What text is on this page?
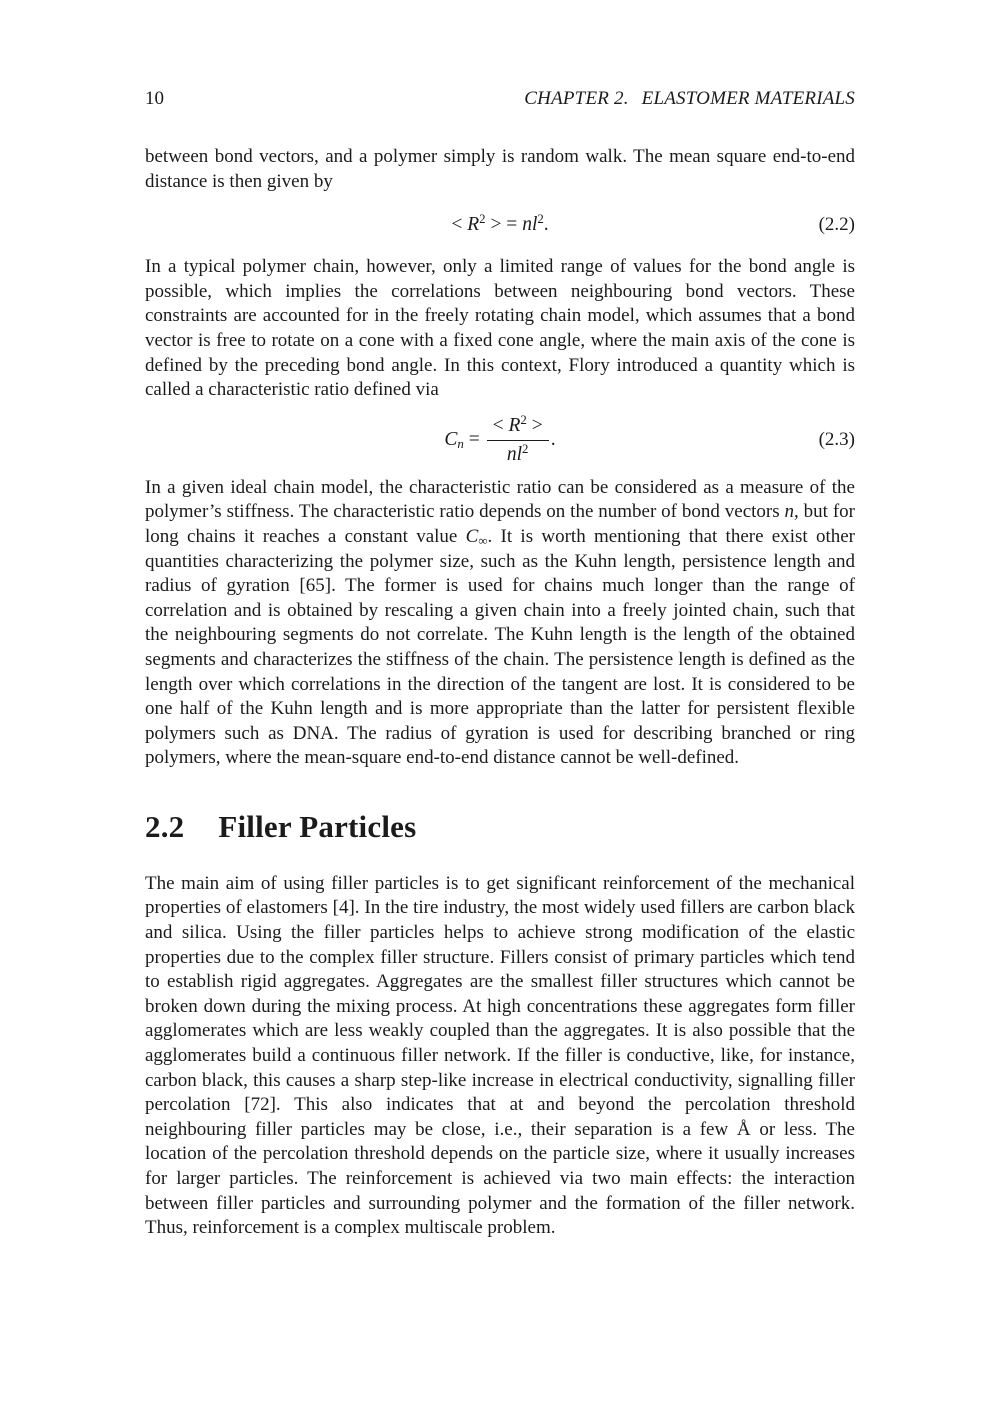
10	CHAPTER 2. ELASTOMER MATERIALS

between bond vectors, and a polymer simply is random walk. The mean square end-to-end distance is then given by

< $R^2$ > = $nl^2$.	(2.2)

In a typical polymer chain, however, only a limited range of values for the bond angle is possible, which implies the correlations between neighbouring bond vectors. These constraints are accounted for in the freely rotating chain model, which assumes that a bond vector is free to rotate on a cone with a fixed cone angle, where the main axis of the cone is defined by the preceding bond angle. In this context, Flory introduced a quantity which is called a characteristic ratio defined via

$Cn = \frac{< R^2 >}{nl^2}$ .	(2.3)

In a given ideal chain model, the characteristic ratio can be considered as a measure of the polymer’s stiffness. The characteristic ratio depends on the number of bond vectors n, but for long chains it reaches a constant value $C_\infty$. It is worth mentioning that there exist other quantities characterizing the polymer size, such as the Kuhn length, persistence length and radius of gyration [65]. The former is used for chains much longer than the range of correlation and is obtained by rescaling a given chain into a freely jointed chain, such that the neighbouring segments do not correlate. The Kuhn length is the length of the obtained segments and characterizes the stiffness of the chain. The persistence length is defined as the length over which correlations in the direction of the tangent are lost. It is considered to be one half of the Kuhn length and is more appropriate than the latter for persistent flexible polymers such as DNA. The radius of gyration is used for describing branched or ring polymers, where the mean-square end-to-end distance cannot be well-defined.

2.2 Filler Particles

The main aim of using filler particles is to get significant reinforcement of the mechanical properties of elastomers [4]. In the tire industry, the most widely used fillers are carbon black and silica. Using the filler particles helps to achieve strong modification of the elastic properties due to the complex filler structure. Fillers consist of primary particles which tend to establish rigid aggregates. Aggregates are the smallest filler structures which cannot be broken down during the mixing process. At high concentrations these aggregates form filler agglomerates which are less weakly coupled than the aggregates. It is also possible that the agglomerates build a continuous filler network. If the filler is conductive, like, for instance, carbon black, this causes a sharp step-like increase in electrical conductivity, signalling filler percolation [72]. This also indicates that at and beyond the percolation threshold neighbouring filler particles may be close, i.e., their separation is a few Å or less. The location of the percolation threshold depends on the particle size, where it usually increases for larger particles. The reinforcement is achieved via two main effects: the interaction between filler particles and surrounding polymer and the formation of the filler network. Thus, reinforcement is a complex multiscale problem.
